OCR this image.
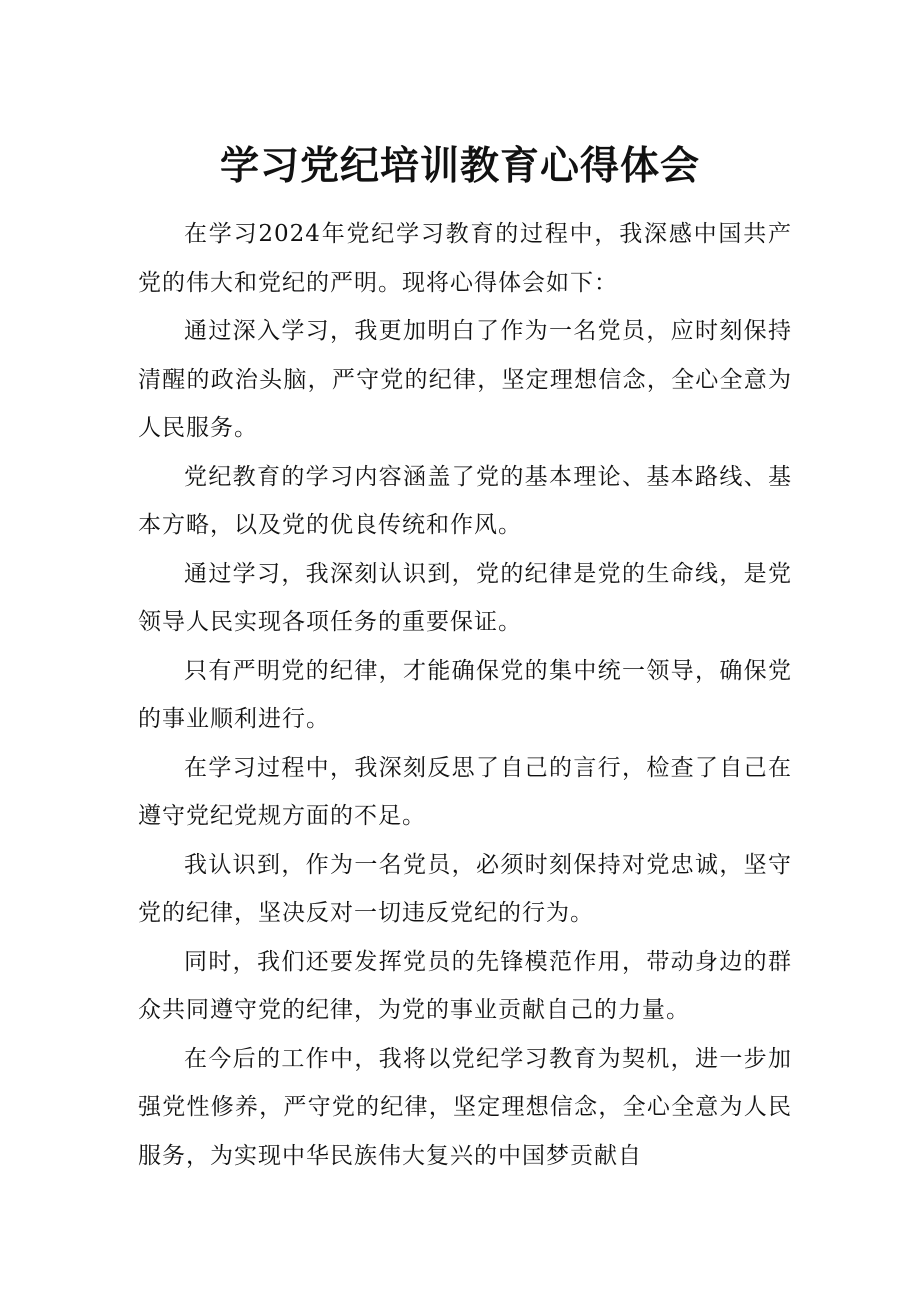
学习党纪培训教育心得体会

在学习2024年党纪学习教育的过程中，我深感中国共产党的伟大和党纪的严明。现将心得体会如下：

通过深入学习，我更加明白了作为一名党员，应时刻保持清醒的政治头脑，严守党的纪律，坚定理想信念，全心全意为人民服务。

党纪教育的学习内容涵盖了党的基本理论、基本路线、基本方略，以及党的优良传统和作风。

通过学习，我深刻认识到，党的纪律是党的生命线，是党领导人民实现各项任务的重要保证。

只有严明党的纪律，才能确保党的集中统一领导，确保党的事业顺利进行。

在学习过程中，我深刻反思了自己的言行，检查了自己在遵守党纪党规方面的不足。

我认识到，作为一名党员，必须时刻保持对党忠诚，坚守党的纪律，坚决反对一切违反党纪的行为。

同时，我们还要发挥党员的先锋模范作用，带动身边的群众共同遵守党的纪律，为党的事业贡献自己的力量。

在今后的工作中，我将以党纪学习教育为契机，进一步加强党性修养，严守党的纪律，坚定理想信念，全心全意为人民服务，为实现中华民族伟大复兴的中国梦贡献自
